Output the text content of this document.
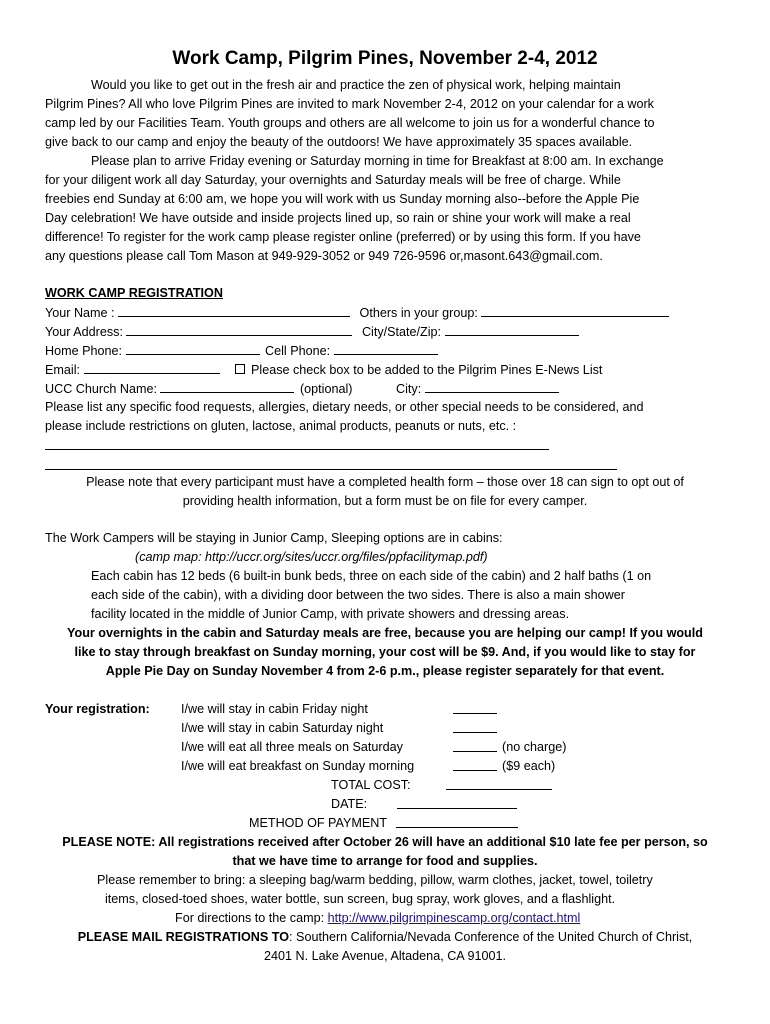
Work Camp, Pilgrim Pines, November 2-4, 2012
Would you like to get out in the fresh air and practice the zen of physical work, helping maintain
Pilgrim Pines? All who love Pilgrim Pines are invited to mark November 2-4, 2012 on your calendar for a work
camp led by our Facilities Team. Youth groups and others are all welcome to join us for a wonderful chance to
give back to our camp and enjoy the beauty of the outdoors! We have approximately 35 spaces available.
Please plan to arrive Friday evening or Saturday morning in time for Breakfast at 8:00 am. In exchange
for your diligent work all day Saturday, your overnights and Saturday meals will be free of charge. While
freebies end Sunday at 6:00 am, we hope you will work with us Sunday morning also--before the Apple Pie
Day celebration! We have outside and inside projects lined up, so rain or shine your work will make a real
difference! To register for the work camp please register online (preferred) or by using this form. If you have
any questions please call Tom Mason at 949-929-3052 or 949 726-9596 or,masont.643@gmail.com.
WORK CAMP REGISTRATION
Your Name :	Others in your group:
Your Address:	City/State/Zip:
Home Phone:	Cell Phone:
Email:	Please check box to be added to the Pilgrim Pines E-News List
UCC Church Name:	(optional)	City:
Please list any specific food requests, allergies, dietary needs, or other special needs to be considered, and
please include restrictions on gluten, lactose, animal products, peanuts or nuts, etc. :
Please note that every participant must have a completed health form – those over 18 can sign to opt out of
providing health information, but a form must be on file for every camper.
The Work Campers will be staying in Junior Camp, Sleeping options are in cabins:
(camp map: http://uccr.org/sites/uccr.org/files/ppfacilitymap.pdf)
Each cabin has 12 beds (6 built-in bunk beds, three on each side of the cabin) and 2 half baths (1 on
each side of the cabin), with a dividing door between the two sides. There is also a main shower
facility located in the middle of Junior Camp, with private showers and dressing areas.
Your overnights in the cabin and Saturday meals are free, because you are helping our camp! If you would
like to stay through breakfast on Sunday morning, your cost will be $9. And, if you would like to stay for
Apple Pie Day on Sunday November 4 from 2-6 p.m., please register separately for that event.
Your registration: I/we will stay in cabin Friday night
I/we will stay in cabin Saturday night
I/we will eat all three meals on Saturday	(no charge)
I/we will eat breakfast on Sunday morning	($9 each)
TOTAL COST:
DATE:
METHOD OF PAYMENT
PLEASE NOTE: All registrations received after October 26 will have an additional $10 late fee per person, so
that we have time to arrange for food and supplies.
Please remember to bring: a sleeping bag/warm bedding, pillow, warm clothes, jacket, towel, toiletry
items, closed-toed shoes, water bottle, sun screen, bug spray, work gloves, and a flashlight.
For directions to the camp: http://www.pilgrimpinescamp.org/contact.html
PLEASE MAIL REGISTRATIONS TO: Southern California/Nevada Conference of the United Church of Christ,
2401 N. Lake Avenue, Altadena, CA 91001.
